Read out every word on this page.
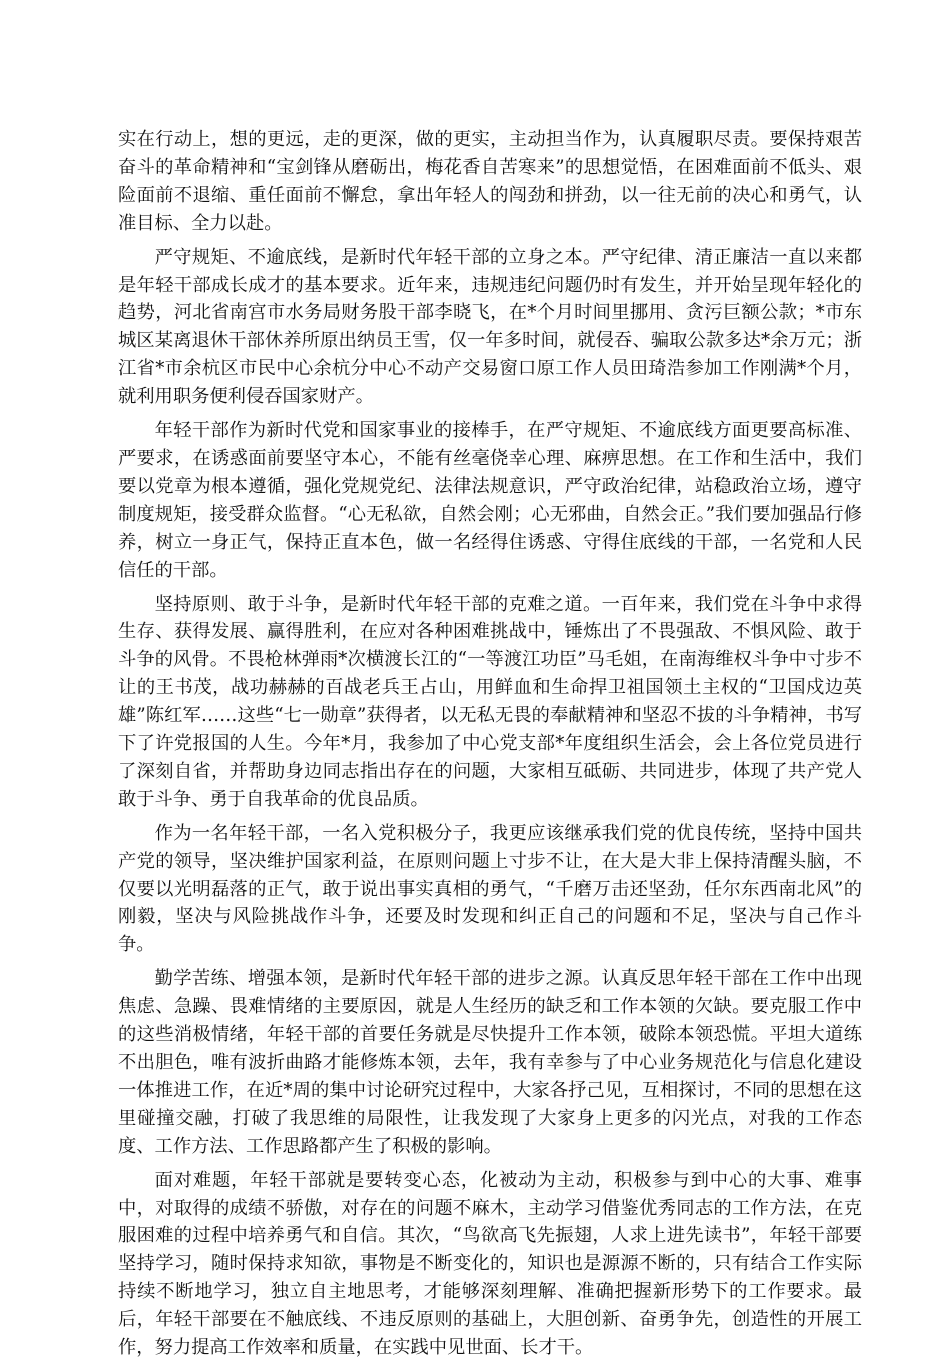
实在行动上，想的更远，走的更深，做的更实，主动担当作为，认真履职尽责。要保持艰苦奋斗的革命精神和“宝剑锋从磨砺出，梅花香自苦寒来”的思想觉悟，在困难面前不低头、艰险面前不退缩、重任面前不懈怠，拿出年轻人的闯劲和拼劲，以一往无前的决心和勇气，认准目标、全力以赴。

严守规矩、不逾底线，是新时代年轻干部的立身之本。严守纪律、清正廉洁一直以来都是年轻干部成长成才的基本要求。近年来，违规违纪问题仍时有发生，并开始呈现年轻化的趋势，河北省南宫市水务局财务股干部李晓飞，在*个月时间里挪用、贪污巨额公款；*市东城区某离退休干部休养所原出纳员王雪，仅一年多时间，就侵吞、骗取公款多达*余万元；浙江省*市余杭区市民中心余杭分中心不动产交易窗口原工作人员田琦浩参加工作刚满*个月，就利用职务便利侵吞国家财产。

年轻干部作为新时代党和国家事业的接棒手，在严守规矩、不逾底线方面更要高标准、严要求，在诱惑面前要坚守本心，不能有丝毫侥幸心理、麻痹思想。在工作和生活中，我们要以党章为根本遵循，强化党规党纪、法律法规意识，严守政治纪律，站稳政治立场，遵守制度规矩，接受群众监督。“心无私欲，自然会刚；心无邪曲，自然会正。”我们要加强品行修养，树立一身正气，保持正直本色，做一名经得住诱惑、守得住底线的干部，一名党和人民信任的干部。

坚持原则、敢于斗争，是新时代年轻干部的克难之道。一百年来，我们党在斗争中求得生存、获得发展、赢得胜利，在应对各种困难挑战中，锤炼出了不畏强敌、不惧风险、敢于斗争的风骨。不畏枪林弹雨*次横渡长江的“一等渡江功臣”马毛姐，在南海维权斗争中寸步不让的王书茂，战功赫赫的百战老兵王占山，用鲜血和生命捍卫祖国领土主权的“卫国戍边英雄”陈红军……这些“七一勋章”获得者，以无私无畏的奉献精神和坚忍不拔的斗争精神，书写下了许党报国的人生。今年*月，我参加了中心党支部*年度组织生活会，会上各位党员进行了深刻自省，并帮助身边同志指出存在的问题，大家相互砥砺、共同进步，体现了共产党人敢于斗争、勇于自我革命的优良品质。

作为一名年轻干部，一名入党积极分子，我更应该继承我们党的优良传统，坚持中国共产党的领导，坚决维护国家利益，在原则问题上寸步不让，在大是大非上保持清醒头脑，不仅要以光明磊落的正气，敢于说出事实真相的勇气，“千磨万击还坚劲，任尔东西南北风”的刚毅，坚决与风险挑战作斗争，还要及时发现和纠正自己的问题和不足，坚决与自己作斗争。

勤学苦练、增强本领，是新时代年轻干部的进步之源。认真反思年轻干部在工作中出现焦虑、急躁、畏难情绪的主要原因，就是人生经历的缺乏和工作本领的欠缺。要克服工作中的这些消极情绪，年轻干部的首要任务就是尽快提升工作本领，破除本领恐慌。平坦大道练不出胆色，唯有波折曲路才能修炼本领，去年，我有幸参与了中心业务规范化与信息化建设一体推进工作，在近*周的集中讨论研究过程中，大家各抒己见，互相探讨，不同的思想在这里碰撞交融，打破了我思维的局限性，让我发现了大家身上更多的闪光点，对我的工作态度、工作方法、工作思路都产生了积极的影响。

面对难题，年轻干部就是要转变心态，化被动为主动，积极参与到中心的大事、难事中，对取得的成绩不骄傲，对存在的问题不麻木，主动学习借鉴优秀同志的工作方法，在克服困难的过程中培养勇气和自信。其次，“鸟欲高飞先振翅，人求上进先读书”，年轻干部要坚持学习，随时保持求知欲，事物是不断变化的，知识也是源源不断的，只有结合工作实际持续不断地学习，独立自主地思考，才能够深刻理解、准确把握新形势下的工作要求。最后，年轻干部要在不触底线、不违反原则的基础上，大胆创新、奋勇争先，创造性的开展工作，努力提高工作效率和质量，在实践中见世面、长才干。
